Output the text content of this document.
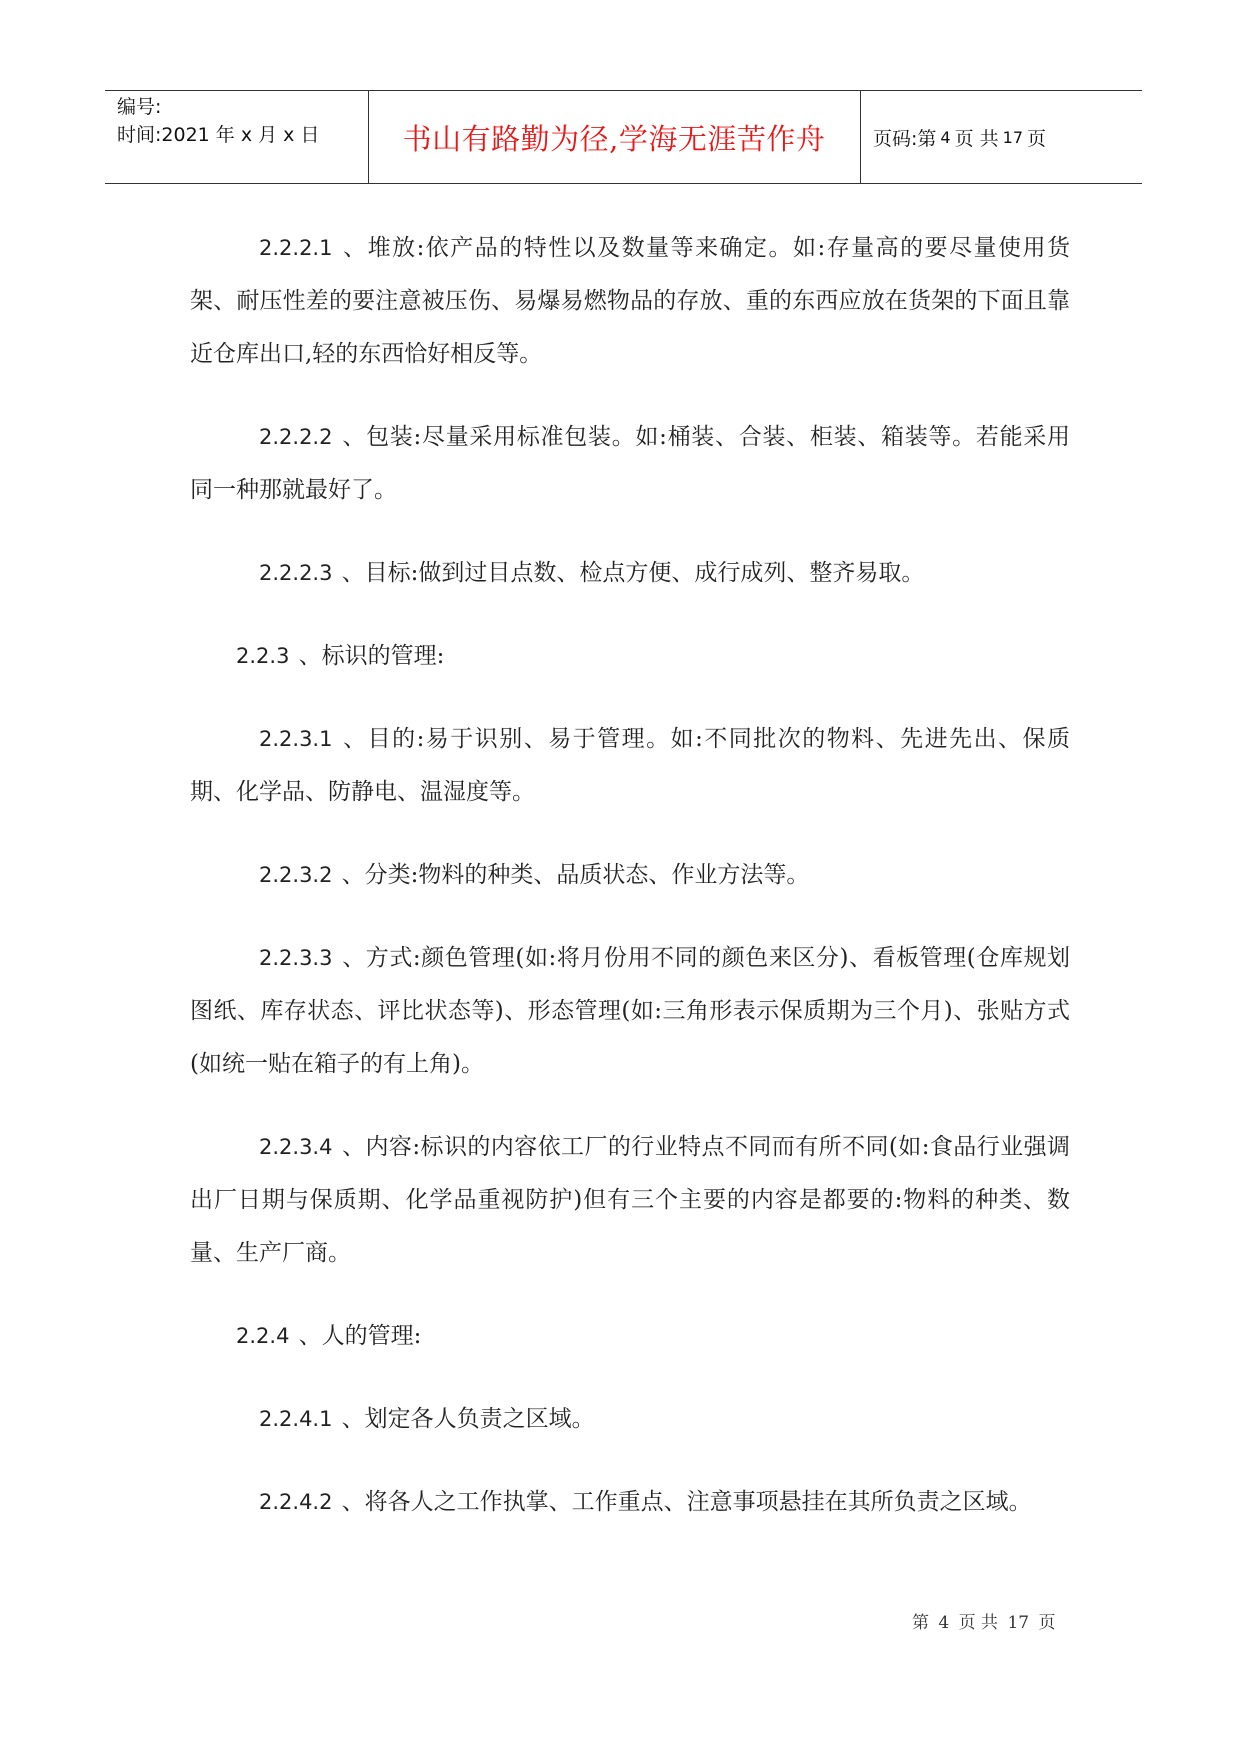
编号:
时间:2021 年 x 月 x 日	书山有路勤为径,学海无涯苦作舟	页码:第 4 页 共 17 页

2.2.2.1 、堆放:依产品的特性以及数量等来确定。如:存量高的要尽量使用货架、耐压性差的要注意被压伤、易爆易燃物品的存放、重的东西应放在货架的下面且靠近仓库出口,轻的东西恰好相反等。

2.2.2.2 、包装:尽量采用标准包装。如:桶装、合装、柜装、箱装等。若能采用同一种那就最好了。

2.2.2.3 、目标:做到过目点数、检点方便、成行成列、整齐易取。

2.2.3 、标识的管理:

2.2.3.1 、目的:易于识别、易于管理。如:不同批次的物料、先进先出、保质期、化学品、防静电、温湿度等。

2.2.3.2 、分类:物料的种类、品质状态、作业方法等。

2.2.3.3 、方式:颜色管理(如:将月份用不同的颜色来区分)、看板管理(仓库规划图纸、库存状态、评比状态等)、形态管理(如:三角形表示保质期为三个月)、张贴方式(如统一贴在箱子的有上角)。

2.2.3.4 、内容:标识的内容依工厂的行业特点不同而有所不同(如:食品行业强调出厂日期与保质期、化学品重视防护)但有三个主要的内容是都要的:物料的种类、数量、生产厂商。

2.2.4 、人的管理:

2.2.4.1 、划定各人负责之区域。

2.2.4.2 、将各人之工作执掌、工作重点、注意事项悬挂在其所负责之区域。

第 4 页 共 17 页
